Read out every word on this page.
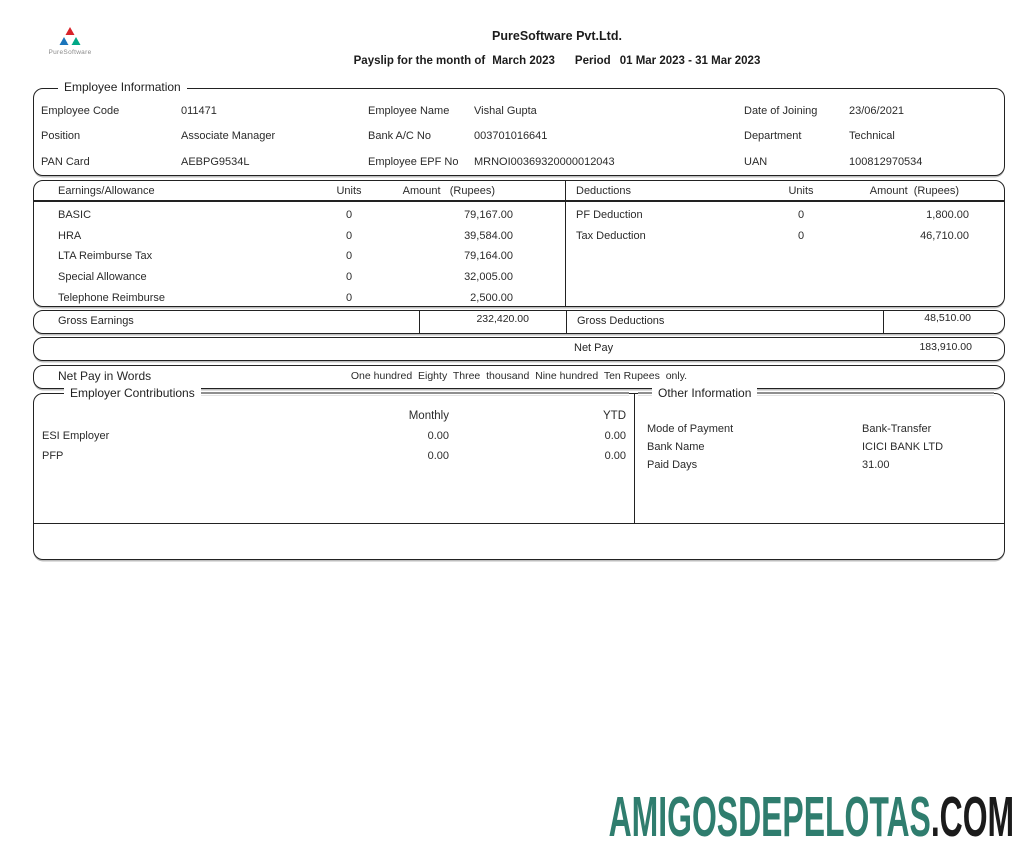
PureSoftware
PureSoftware Pvt.Ltd.
Payslip for the month of March 2023 Period 01 Mar 2023 - 31 Mar 2023
Employee Information
Employee Code	011471	Employee Name	Vishal Gupta	Date of Joining	23/06/2021
Position	Associate Manager	Bank A/C No	003701016641	Department	Technical
PAN Card	AEBPG9534L	Employee EPF No	MRNOI00369320000012043	UAN	100812970534
Earnings/Allowance	Units	Amount   (Rupees)
BASIC	0	79,167.00
HRA	0	39,584.00
LTA Reimburse Tax	0	79,164.00
Special Allowance	0	32,005.00
Telephone Reimburse	0	2,500.00
Deductions	Units	Amount  (Rupees)
PF Deduction	0	1,800.00
Tax Deduction	0	46,710.00
Gross Earnings	232,420.00	Gross Deductions	48,510.00
Net Pay	183,910.00
Net Pay in Words	One hundred  Eighty  Three  thousand  Nine hundred  Ten Rupees  only.
Employer Contributions	Other Information
Monthly	YTD
ESI Employer	0.00	0.00
PFP	0.00	0.00
Mode of Payment	Bank-Transfer
Bank Name	ICICI BANK LTD
Paid Days	31.00
AMIGOSDEPELOTAS.COM
